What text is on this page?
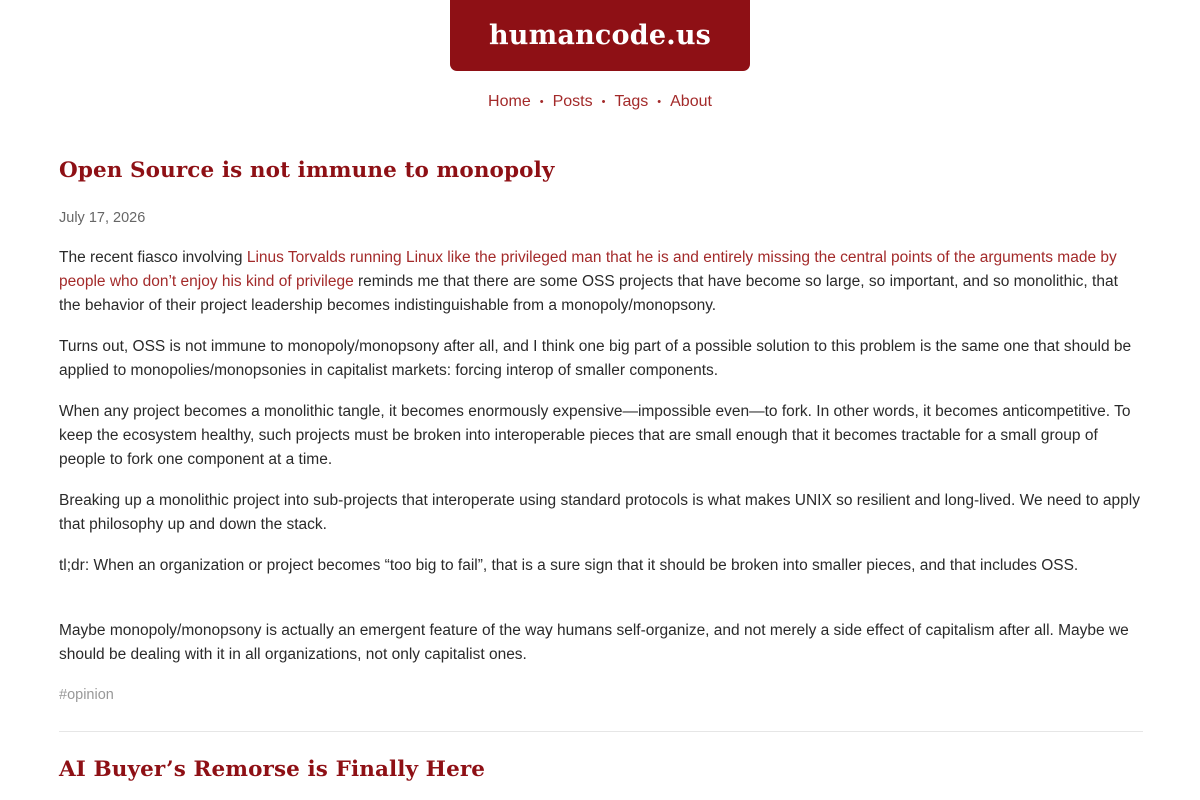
humancode.us
Home • Posts • Tags • About
Open Source is not immune to monopoly
July 17, 2026

The recent fiasco involving Linus Torvalds running Linux like the privileged man that he is and entirely missing the central points of the arguments made by people who don’t enjoy his kind of privilege reminds me that there are some OSS projects that have become so large, so important, and so monolithic, that the behavior of their project leadership becomes indistinguishable from a monopoly/monopsony.

Turns out, OSS is not immune to monopoly/monopsony after all, and I think one big part of a possible solution to this problem is the same one that should be applied to monopolies/monopsonies in capitalist markets: forcing interop of smaller components.

When any project becomes a monolithic tangle, it becomes enormously expensive—impossible even—to fork. In other words, it becomes anticompetitive. To keep the ecosystem healthy, such projects must be broken into interoperable pieces that are small enough that it becomes tractable for a small group of people to fork one component at a time.

Breaking up a monolithic project into sub-projects that interoperate using standard protocols is what makes UNIX so resilient and long-lived. We need to apply that philosophy up and down the stack.

tl;dr: When an organization or project becomes “too big to fail”, that is a sure sign that it should be broken into smaller pieces, and that includes OSS.

Maybe monopoly/monopsony is actually an emergent feature of the way humans self-organize, and not merely a side effect of capitalism after all. Maybe we should be dealing with it in all organizations, not only capitalist ones.

#opinion
AI Buyer’s Remorse is Finally Here
